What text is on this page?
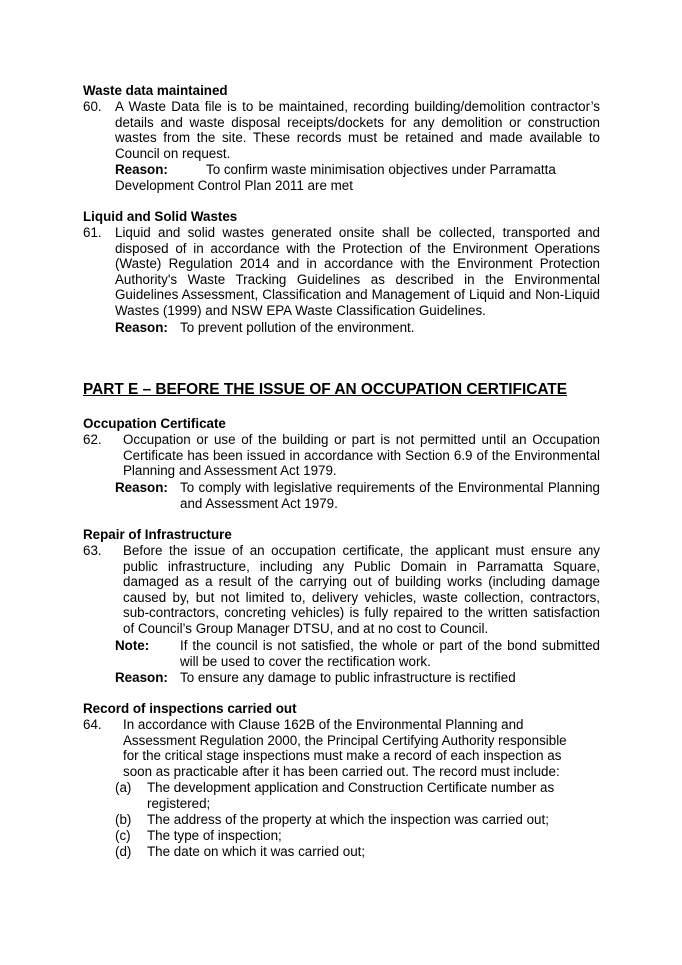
Waste data maintained
60. A Waste Data file is to be maintained, recording building/demolition contractor’s details and waste disposal receipts/dockets for any demolition or construction wastes from the site. These records must be retained and made available to Council on request.
Reason:	To confirm waste minimisation objectives under Parramatta Development Control Plan 2011 are met
Liquid and Solid Wastes
61. Liquid and solid wastes generated onsite shall be collected, transported and disposed of in accordance with the Protection of the Environment Operations (Waste) Regulation 2014 and in accordance with the Environment Protection Authority's Waste Tracking Guidelines as described in the Environmental Guidelines Assessment, Classification and Management of Liquid and Non-Liquid Wastes (1999) and NSW EPA Waste Classification Guidelines.
Reason: To prevent pollution of the environment.
PART E – BEFORE THE ISSUE OF AN OCCUPATION CERTIFICATE
Occupation Certificate
62. Occupation or use of the building or part is not permitted until an Occupation Certificate has been issued in accordance with Section 6.9 of the Environmental Planning and Assessment Act 1979.
Reason: To comply with legislative requirements of the Environmental Planning and Assessment Act 1979.
Repair of Infrastructure
63. Before the issue of an occupation certificate, the applicant must ensure any public infrastructure, including any Public Domain in Parramatta Square, damaged as a result of the carrying out of building works (including damage caused by, but not limited to, delivery vehicles, waste collection, contractors, sub-contractors, concreting vehicles) is fully repaired to the written satisfaction of Council’s Group Manager DTSU, and at no cost to Council.
Note: If the council is not satisfied, the whole or part of the bond submitted will be used to cover the rectification work.
Reason: To ensure any damage to public infrastructure is rectified
Record of inspections carried out
64. In accordance with Clause 162B of the Environmental Planning and Assessment Regulation 2000, the Principal Certifying Authority responsible for the critical stage inspections must make a record of each inspection as soon as practicable after it has been carried out. The record must include:
(a) The development application and Construction Certificate number as registered;
(b) The address of the property at which the inspection was carried out;
(c) The type of inspection;
(d) The date on which it was carried out;
